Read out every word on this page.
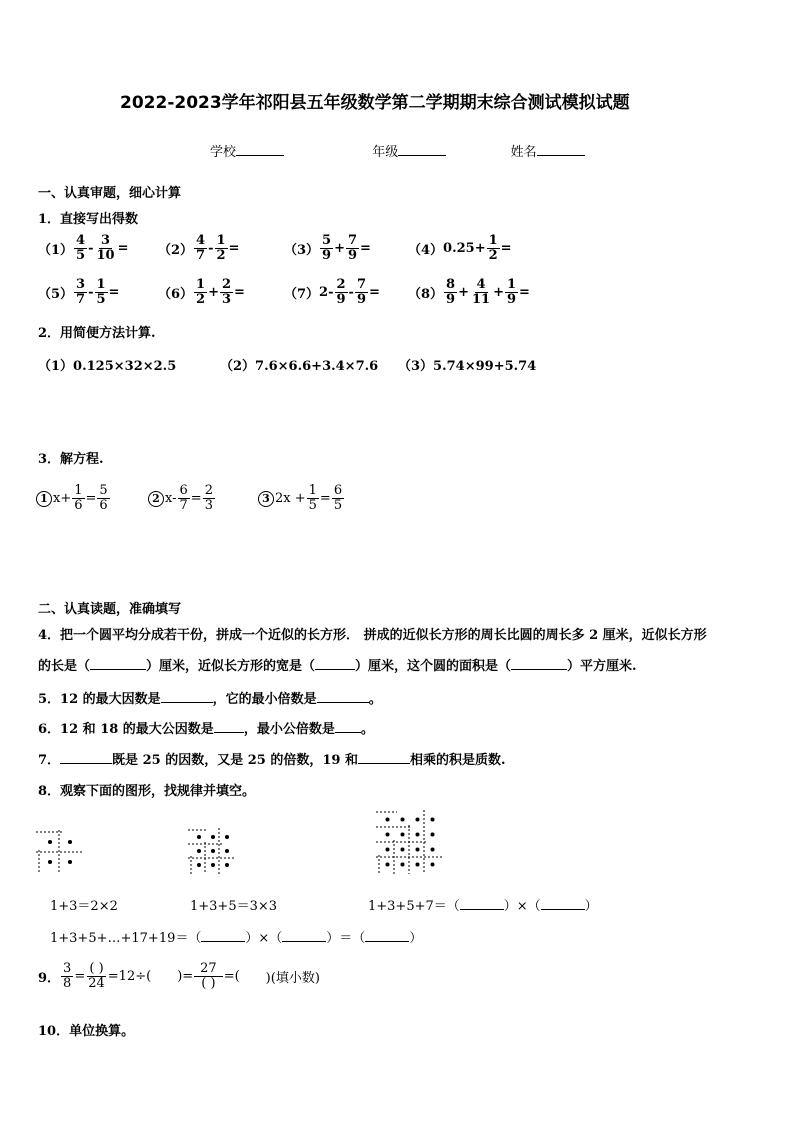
2022-2023学年祁阳县五年级数学第二学期期末综合测试模拟试题
学校	年级	姓名
一、认真审题，细心计算
1．直接写出得数
$(1) \frac{4}{5} - \frac{3}{10} = (2) \frac{4}{7} - \frac{1}{2}$ =	$(3) \frac{5}{9} + \frac{7}{9}$ =	（4） $0.25+ \frac{1}{2}$ =
$(5) \frac{3}{7} - \frac{1}{5}$ =	$(6) \frac{1}{2} + \frac{2}{3}$ =	（7） $2- \frac{2}{9} - \frac{7}{9} = (8) \frac{8}{9} + \frac{4}{11} + \frac{1}{9}$ =
2．用简便方法计算.
（1）0.125×32×2.5	（2）7.6×6.6+3.4×7.6 （3）5.74×99+5.74
3．解方程.
1 $x+ \frac{1}{6} = \frac{5}{6}$	2 $x- \frac{6}{7} = \frac{2}{3}$	3 $2x + \frac{1}{5} = \frac{6}{5}$
二、认真读题，准确填写
4．把一个圆平均分成若干份，拼成一个近似的长方形． 拼成的近似长方形的周长比圆的周长多 2 厘米，近似长方形
的长是（	）厘米，近似长方形的宽是（	）厘米，这个圆的面积是（	）平方厘米.
5．12 的最大因数是	，它的最小倍数是	。
6．12 和 18 的最大公因数是 ，最小公倍数是 。
7．	既是 25 的因数，又是 25 的倍数，19 和	相乘的积是质数.
8．观察下面的图形，找规律并填空。
1+3＝2×2	1+3+5＝3×3	1+3+5+7＝（	）×（	）
1+3+5+…+17+19＝（	）×（	）＝（	）
9． $\frac{3}{8} = \frac{( )}{24} =12\div$( )= $\frac{27}{( )}$ =( )(填小数)
10．单位换算。
